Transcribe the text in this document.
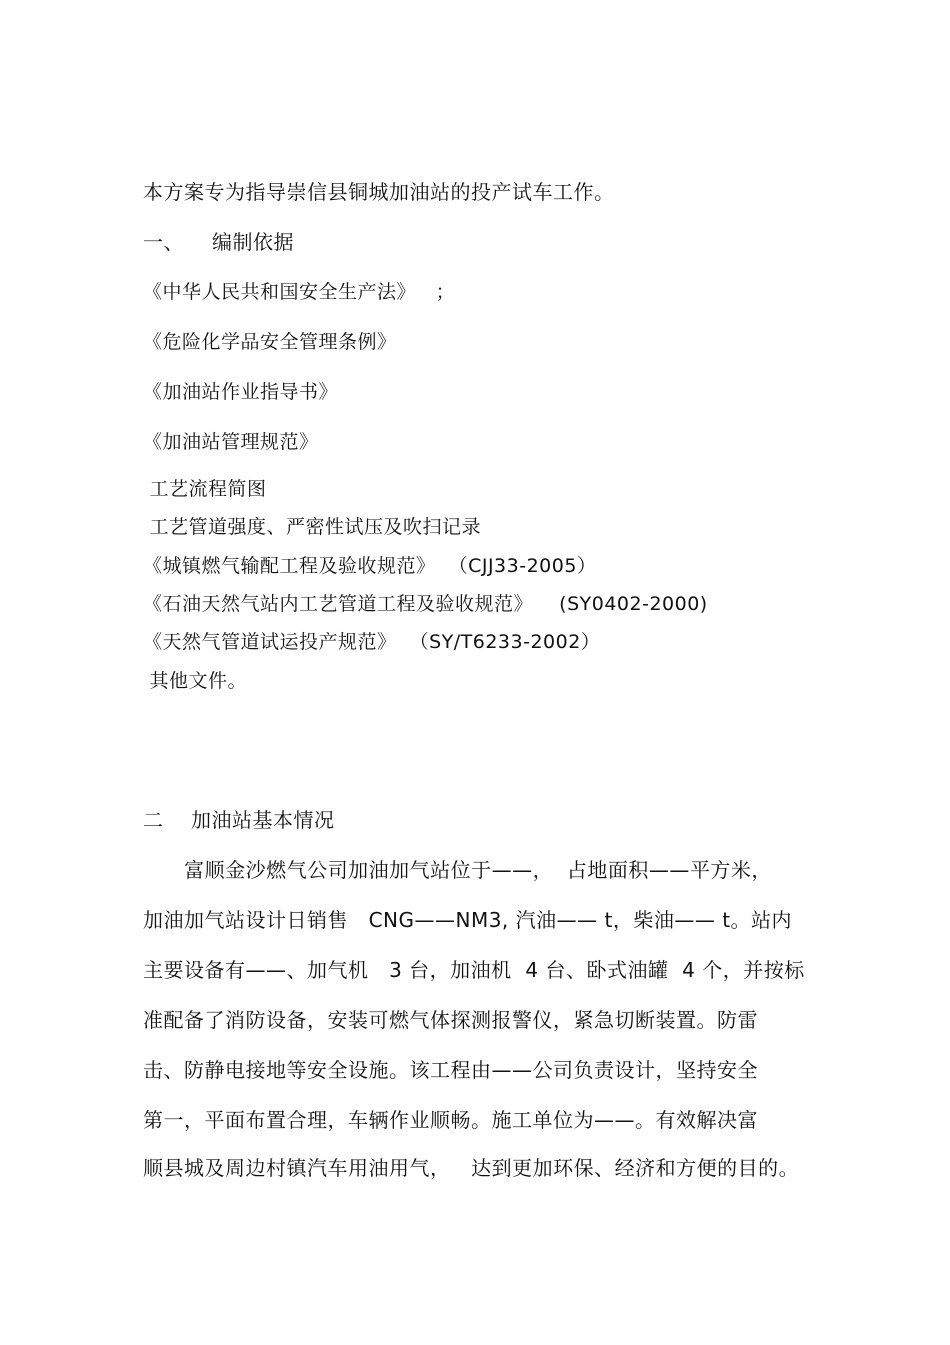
本方案专为指导崇信县铜城加油站的投产试车工作。
一、 编制依据
《中华人民共和国安全生产法》   ；
《危险化学品安全管理条例》
《加油站作业指导书》
《加油站管理规范》
工艺流程简图
工艺管道强度、严密性试压及吹扫记录
《城镇燃气输配工程及验收规范》  （CJJ33-2005）
《石油天然气站内工艺管道工程及验收规范》    (SY0402-2000)
《天然气管道试运投产规范》  （SY/T6233-2002）
其他文件。
二 加油站基本情况
富顺金沙燃气公司加油加气站位于——，  占地面积——平方米，
加油加气站设计日销售   CNG——NM3, 汽油—— t，柴油—— t。站内
主要设备有——、加气机   3 台，加油机  4 台、卧式油罐  4 个，并按标
准配备了消防设备，安装可燃气体探测报警仪，紧急切断装置。防雷
击、防静电接地等安全设施。该工程由——公司负责设计，坚持安全
第一，平面布置合理，车辆作业顺畅。施工单位为——。有效解决富
顺县城及周边村镇汽车用油用气，   达到更加环保、经济和方便的目的。
